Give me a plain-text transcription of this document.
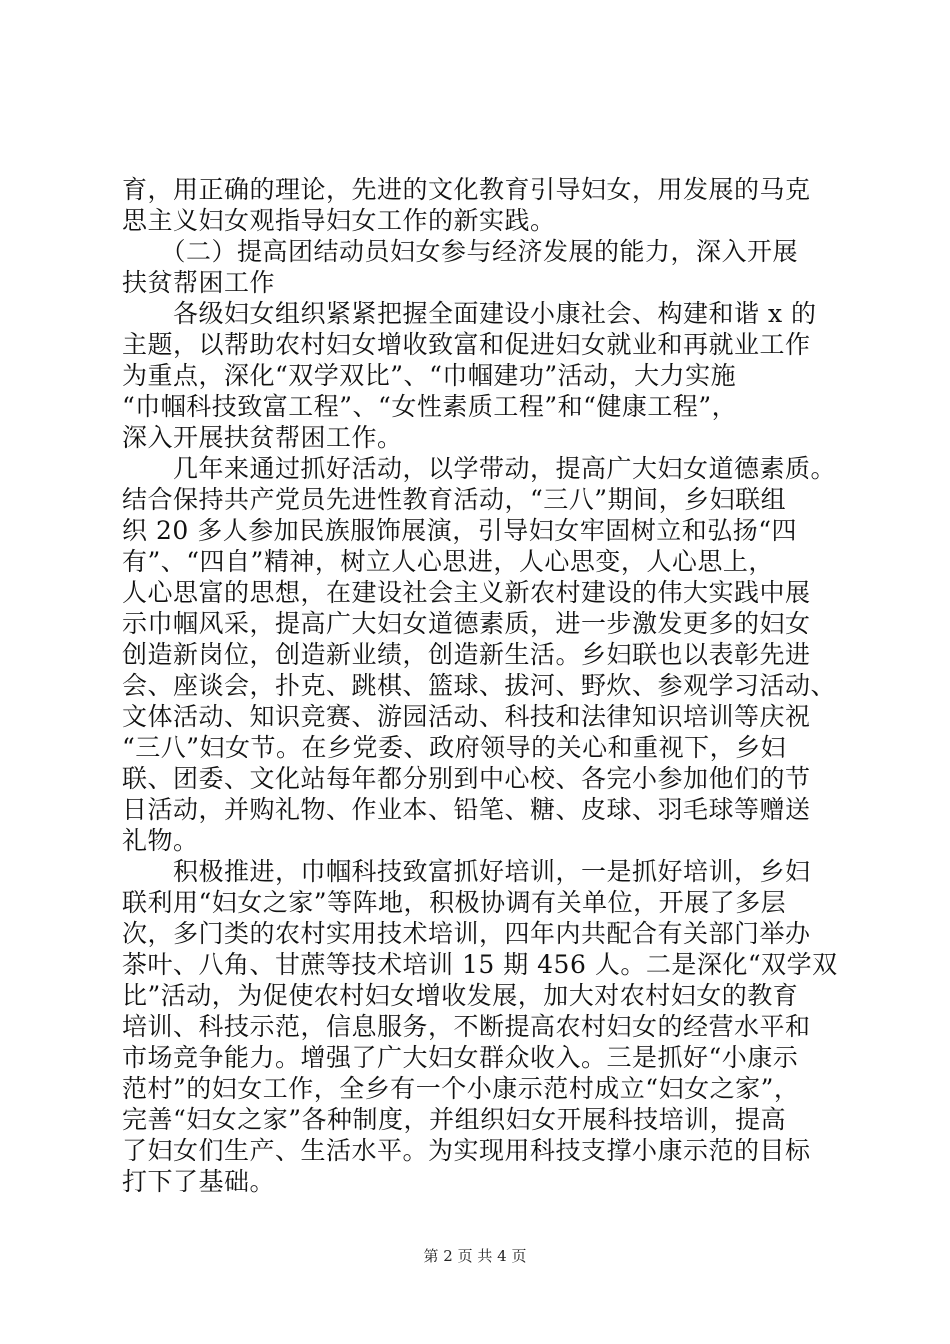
育，用正确的理论，先进的文化教育引导妇女，用发展的马克
思主义妇女观指导妇女工作的新实践。
　　（二）提高团结动员妇女参与经济发展的能力，深入开展
扶贫帮困工作
　　各级妇女组织紧紧把握全面建设小康社会、构建和谐 x 的
主题，以帮助农村妇女增收致富和促进妇女就业和再就业工作
为重点，深化“双学双比”、“巾帼建功”活动，大力实施
“巾帼科技致富工程”、“女性素质工程”和“健康工程”，
深入开展扶贫帮困工作。
　　几年来通过抓好活动，以学带动，提高广大妇女道德素质。
结合保持共产党员先进性教育活动，“三八”期间，乡妇联组
织 20 多人参加民族服饰展演，引导妇女牢固树立和弘扬“四
有”、“四自”精神，树立人心思进，人心思变，人心思上，
人心思富的思想，在建设社会主义新农村建设的伟大实践中展
示巾帼风采，提高广大妇女道德素质，进一步激发更多的妇女
创造新岗位，创造新业绩，创造新生活。乡妇联也以表彰先进
会、座谈会，扑克、跳棋、篮球、拔河、野炊、参观学习活动、
文体活动、知识竞赛、游园活动、科技和法律知识培训等庆祝
“三八”妇女节。在乡党委、政府领导的关心和重视下，乡妇
联、团委、文化站每年都分别到中心校、各完小参加他们的节
日活动，并购礼物、作业本、铅笔、糖、皮球、羽毛球等赠送
礼物。
　　积极推进，巾帼科技致富抓好培训，一是抓好培训，乡妇
联利用“妇女之家”等阵地，积极协调有关单位，开展了多层
次，多门类的农村实用技术培训，四年内共配合有关部门举办
茶叶、八角、甘蔗等技术培训 15 期 456 人。二是深化“双学双
比”活动，为促使农村妇女增收发展，加大对农村妇女的教育
培训、科技示范，信息服务，不断提高农村妇女的经营水平和
市场竞争能力。增强了广大妇女群众收入。三是抓好“小康示
范村”的妇女工作，全乡有一个小康示范村成立“妇女之家”，
完善“妇女之家”各种制度，并组织妇女开展科技培训，提高
了妇女们生产、生活水平。为实现用科技支撑小康示范的目标
打下了基础。
第 2 页 共 4 页
